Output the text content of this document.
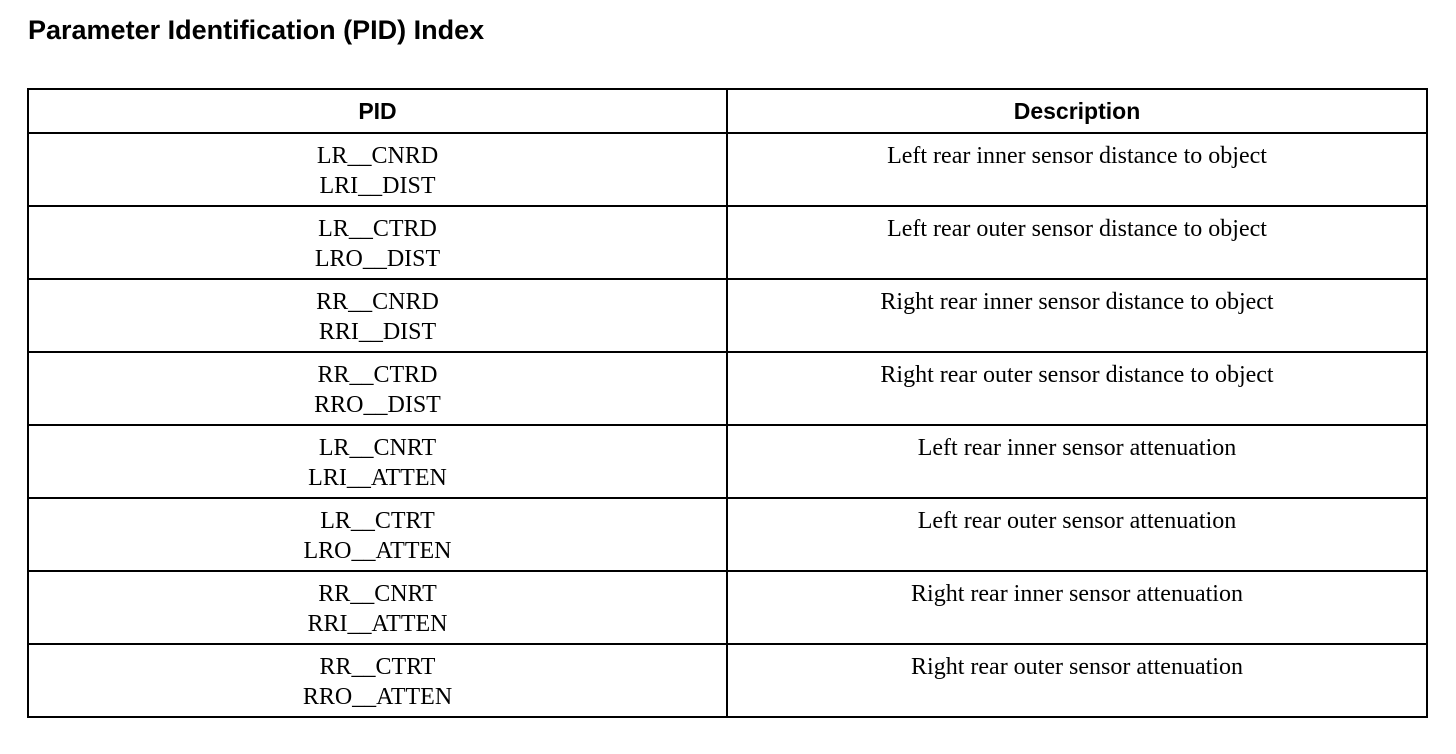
Parameter Identification (PID) Index
PID	Description

LR__CNRD
LRI__DIST	Left rear inner sensor distance to object

LR__CTRD
LRO__DIST	Left rear outer sensor distance to object

RR__CNRD
RRI__DIST	Right rear inner sensor distance to object

RR__CTRD
RRO__DIST	Right rear outer sensor distance to object

LR__CNRT
LRI__ATTEN	Left rear inner sensor attenuation

LR__CTRT
LRO__ATTEN	Left rear outer sensor attenuation

RR__CNRT
RRI__ATTEN	Right rear inner sensor attenuation

RR__CTRT
RRO__ATTEN	Right rear outer sensor attenuation
